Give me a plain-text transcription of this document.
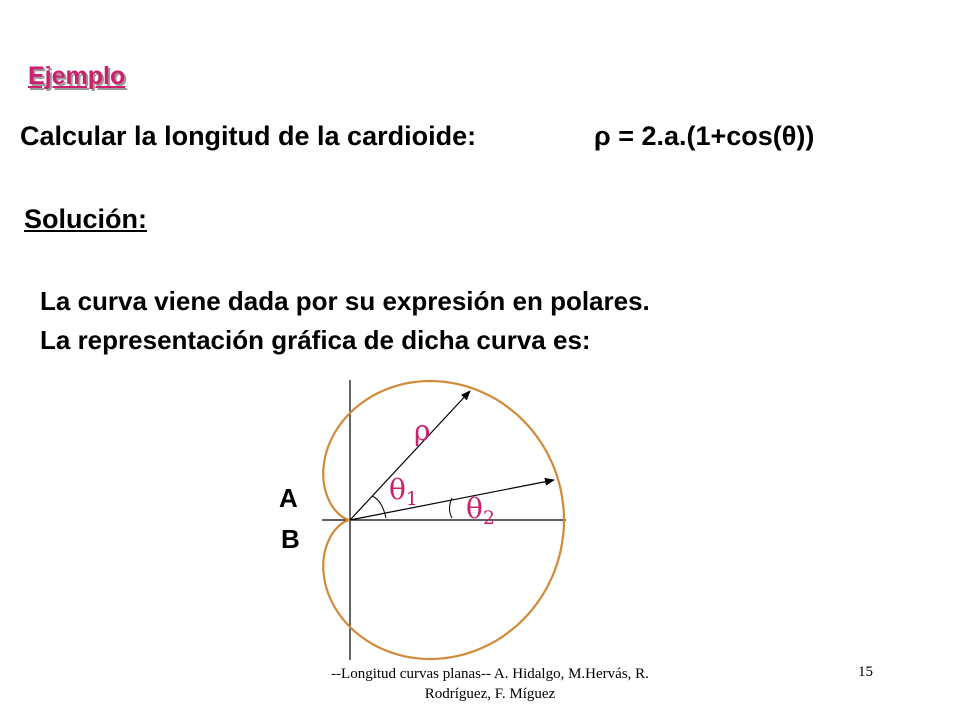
Ejemplo
Calcular la longitud de la cardioide:	ρ = 2.a.(1+cos(θ))
Solución:
La curva viene dada por su expresión en polares.
La representación gráfica de dicha curva es:
ρ
$\theta_1$ $\theta_2$
A
B
--Longitud curvas planas-- A. Hidalgo, M.Hervás, R. Rodríguez, F. Míguez
15
